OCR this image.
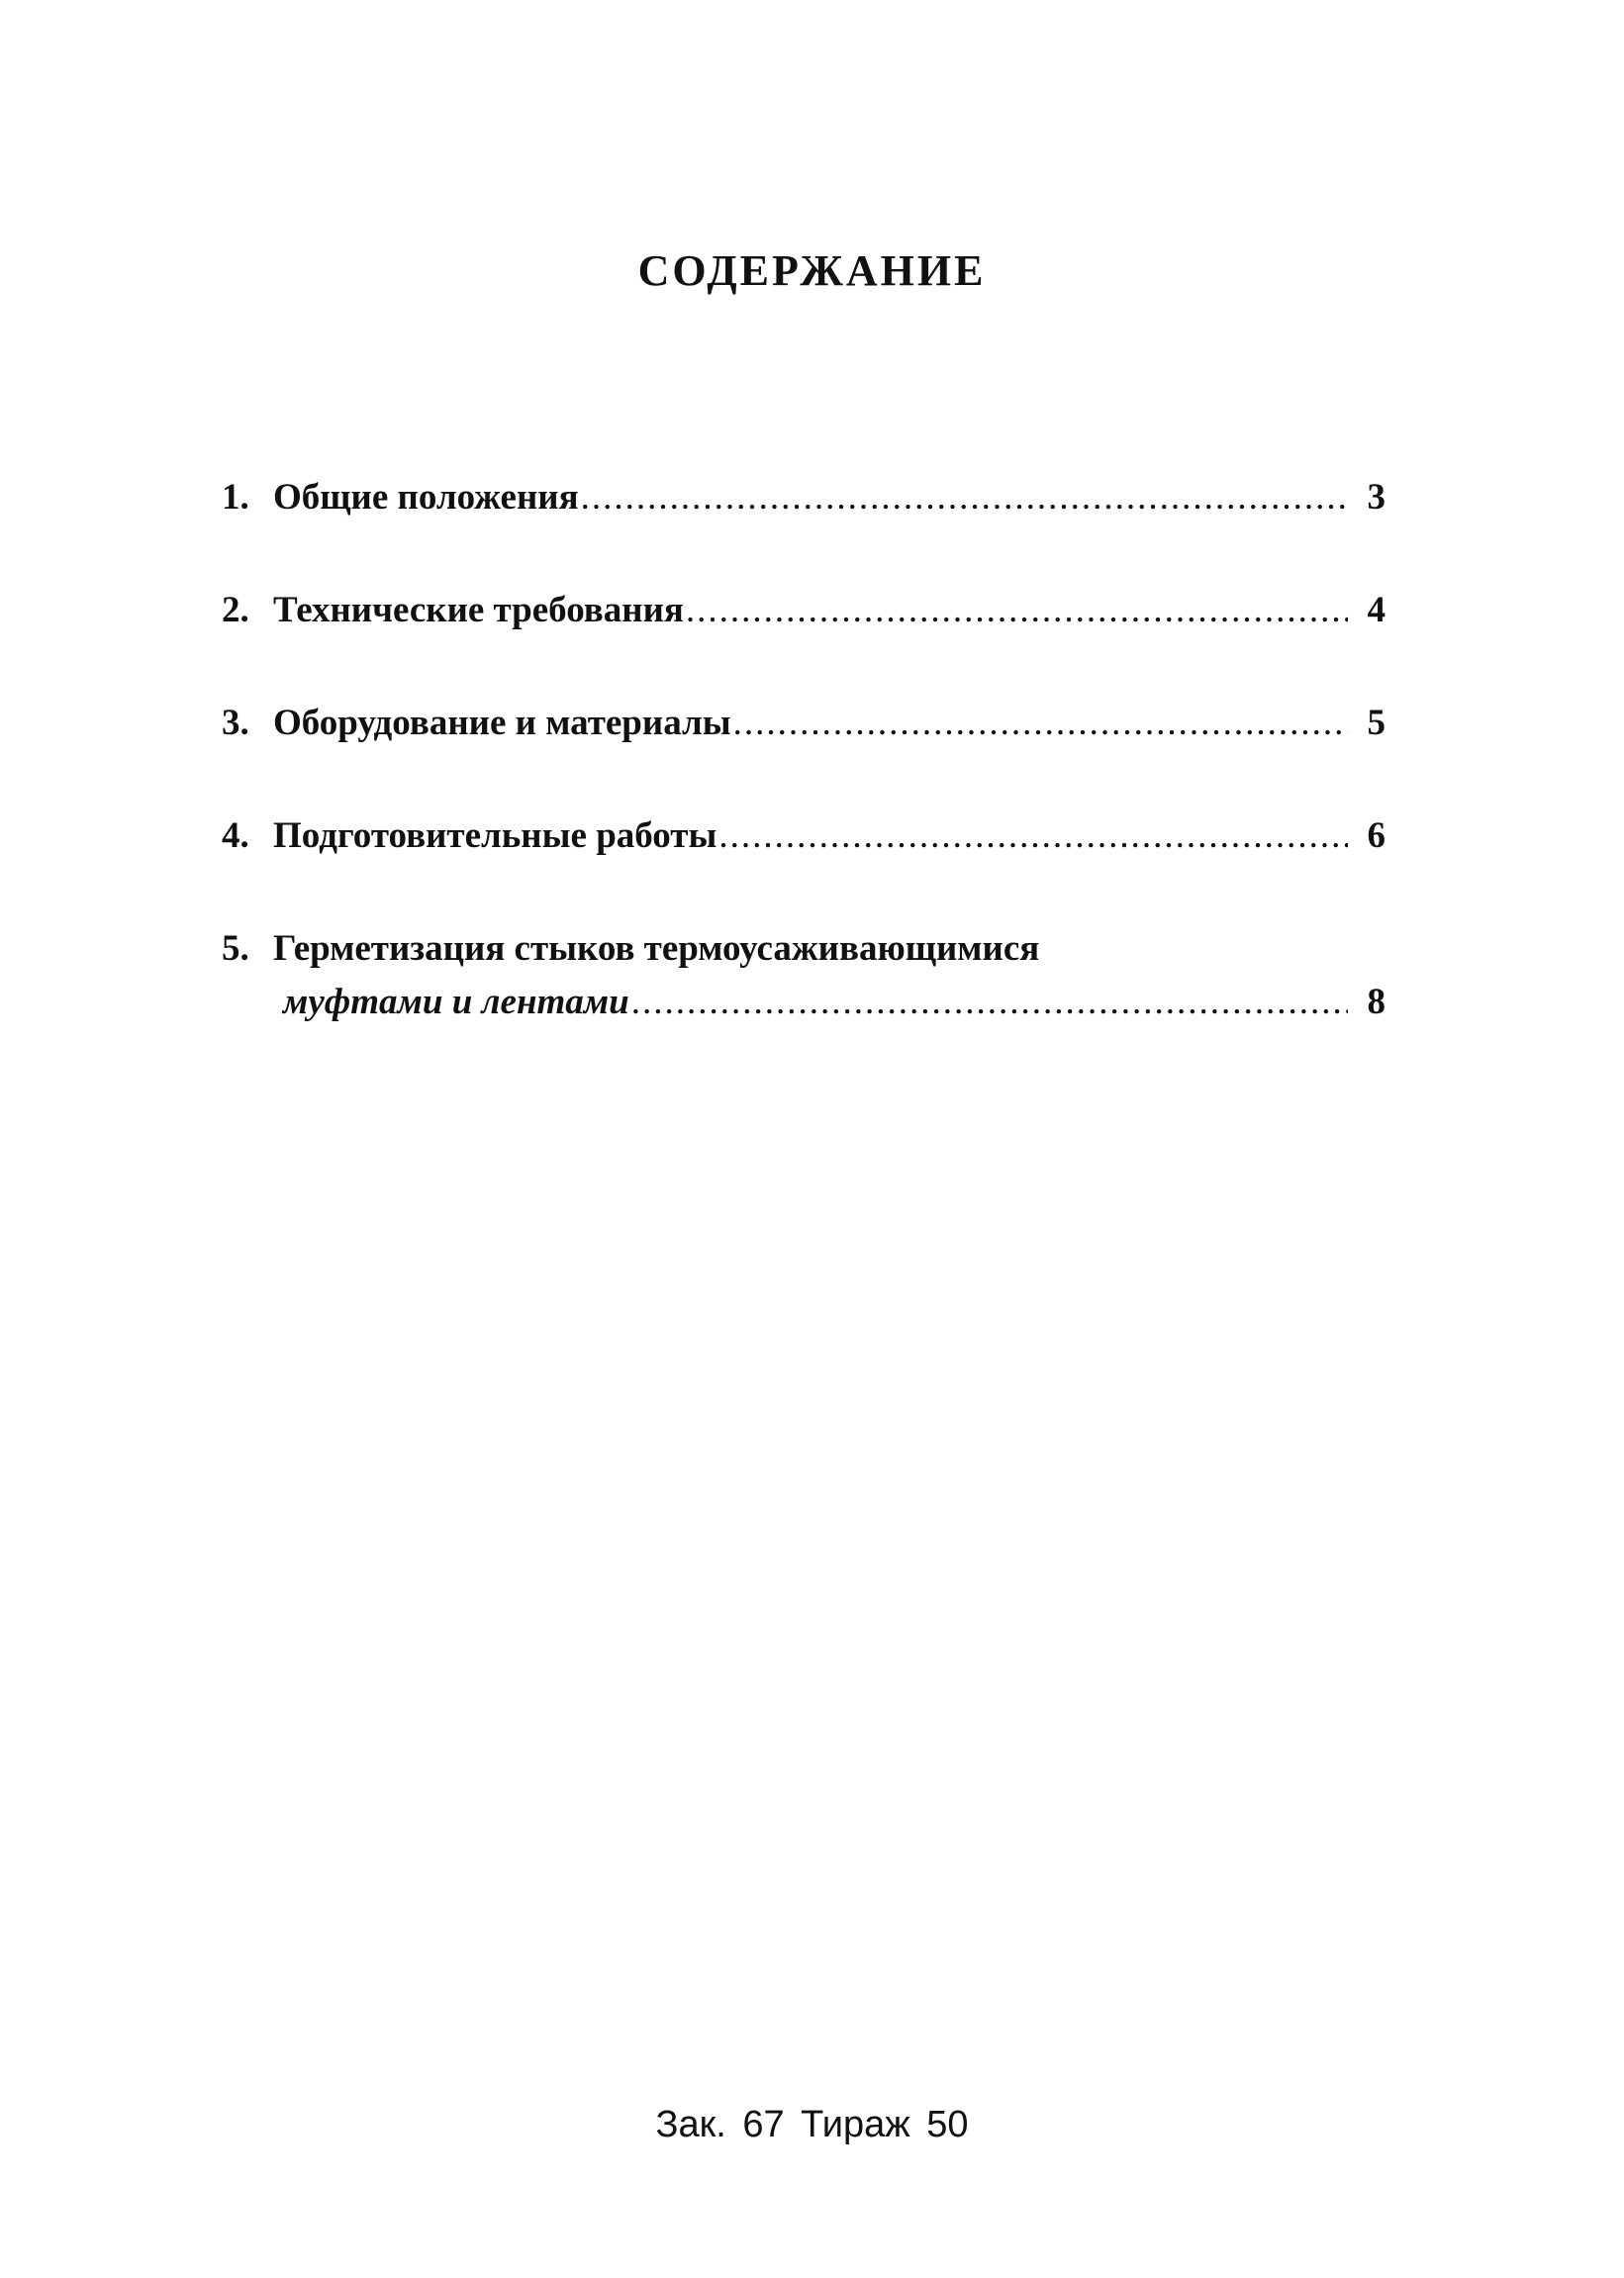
СОДЕРЖАНИЕ
1. Общие положения .....	3
2. Технические требования .....	4
3. Оборудование и материалы .....	5
4. Подготовительные работы .....	6
5. Герметизация стыков термоусаживающимися
муфтами и лентами .....	8
Зак. 67 Тираж 50
